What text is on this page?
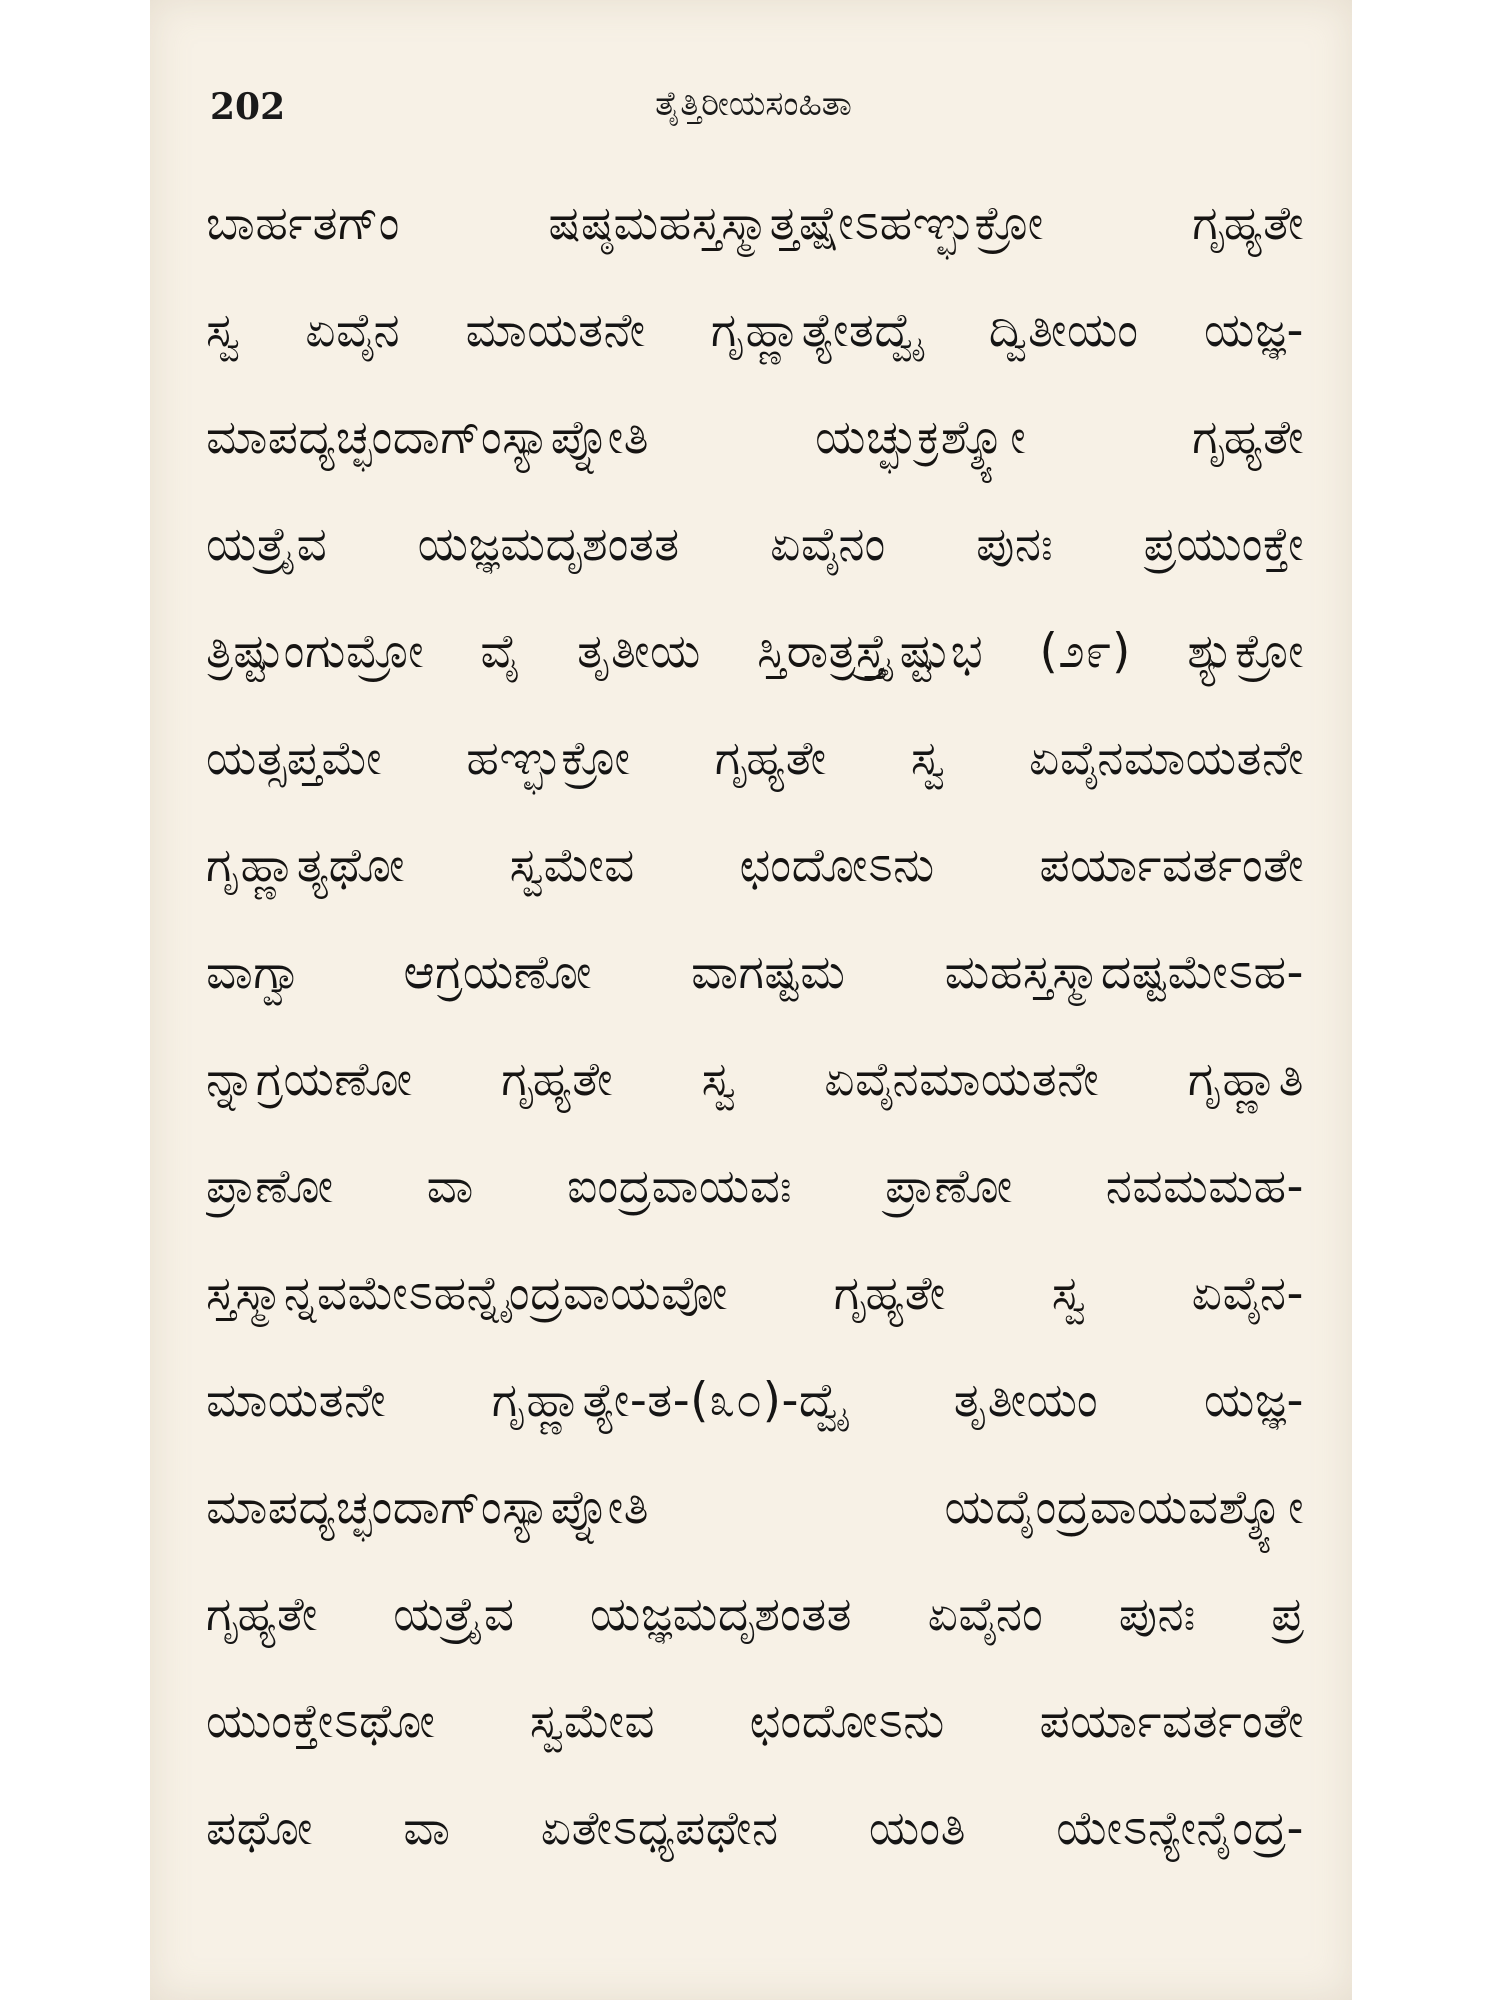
202	ತೈತ್ತಿರೀಯಸಂಹಿತಾ
ಬಾರ್ಹತಗ್ಂ ಷಷ್ಠಮಹಸ್ತಸ್ಮಾತ್ತಷ್ಷೇಽಹಞ್ಛುಕ್ರೋ ಗೃಹ್ಯತೇ
ಸ್ವ ಏವೈನ ಮಾಯತನೇ ಗೃಹ್ಣಾತ್ಯೇತದ್ವೈ ದ್ವಿತೀಯಂ ಯಜ್ಞ-
ಮಾಪದ್ಯಚ್ಛಂದಾಗ್ಂಸ್ಯಾಪ್ನೋತಿ ಯಚ್ಛುಕ್ರಶ್ಶ್ಯೋ ಗೃಹ್ಯತೇ
ಯತ್ರೈವ ಯಜ್ಞಮದೃಶಂತತ ಏವೈನಂ ಪುನಃ ಪ್ರಯುಂಕ್ತೇ
ತ್ರಿಷ್ಟುಂಗುಮ್ರೋ ವೈ ತೃತೀಯ ಸ್ತಿರಾತ್ರಸ್ತ್ರೈಷ್ಟುಭ (೨೯) ಶ್ಯುಕ್ರೋ
ಯತ್ಸಪ್ತಮೇ ಹಞ್ಛುಕ್ರೋ ಗೃಹ್ಯತೇ ಸ್ವ ಏವೈನಮಾಯತನೇ
ಗೃಹ್ಣಾತ್ಯಥೋ ಸ್ವಮೇವ ಛಂದೋಽನು ಪರ್ಯಾವರ್ತಂತೇ
ವಾಗ್ವಾ ಆಗ್ರಯಣೋ ವಾಗಷ್ಟಮ ಮಹಸ್ತಸ್ಮಾದಷ್ಟಮೇಽಹ-
ನ್ನಾಗ್ರಯಣೋ ಗೃಹ್ಯತೇ ಸ್ವ ಏವೈನಮಾಯತನೇ ಗೃಹ್ಣಾತಿ
ಪ್ರಾಣೋ ವಾ ಐಂದ್ರವಾಯವಃ ಪ್ರಾಣೋ ನವಮಮಹ-
ಸ್ತಸ್ಮಾನ್ನವಮೇಽಹನ್ನೈಂದ್ರವಾಯವೋ ಗೃಹ್ಯತೇ ಸ್ವ ಏವೈನ-
ಮಾಯತನೇ ಗೃಹ್ಣಾತ್ಯೇ-ತ-(೩೦)-ದ್ವೈ ತೃತೀಯಂ ಯಜ್ಞ-
ಮಾಪದ್ಯಚ್ಛಂದಾಗ್ಂಸ್ಯಾಪ್ನೋತಿ ಯದೈಂದ್ರವಾಯವಶ್ಶ್ಯೋ
ಗೃಹ್ಯತೇ ಯತ್ರೈವ ಯಜ್ಞಮದೃಶಂತತ ಏವೈನಂ ಪುನಃ ಪ್ರ
ಯುಂಕ್ತೇಽಥೋ ಸ್ವಮೇವ ಛಂದೋಽನು ಪರ್ಯಾವರ್ತಂತೇ
ಪಥೋ ವಾ ಏತೇಽಧ್ಯಪಥೇನ ಯಂತಿ ಯೇಽನ್ಯೇನೈಂದ್ರ-
